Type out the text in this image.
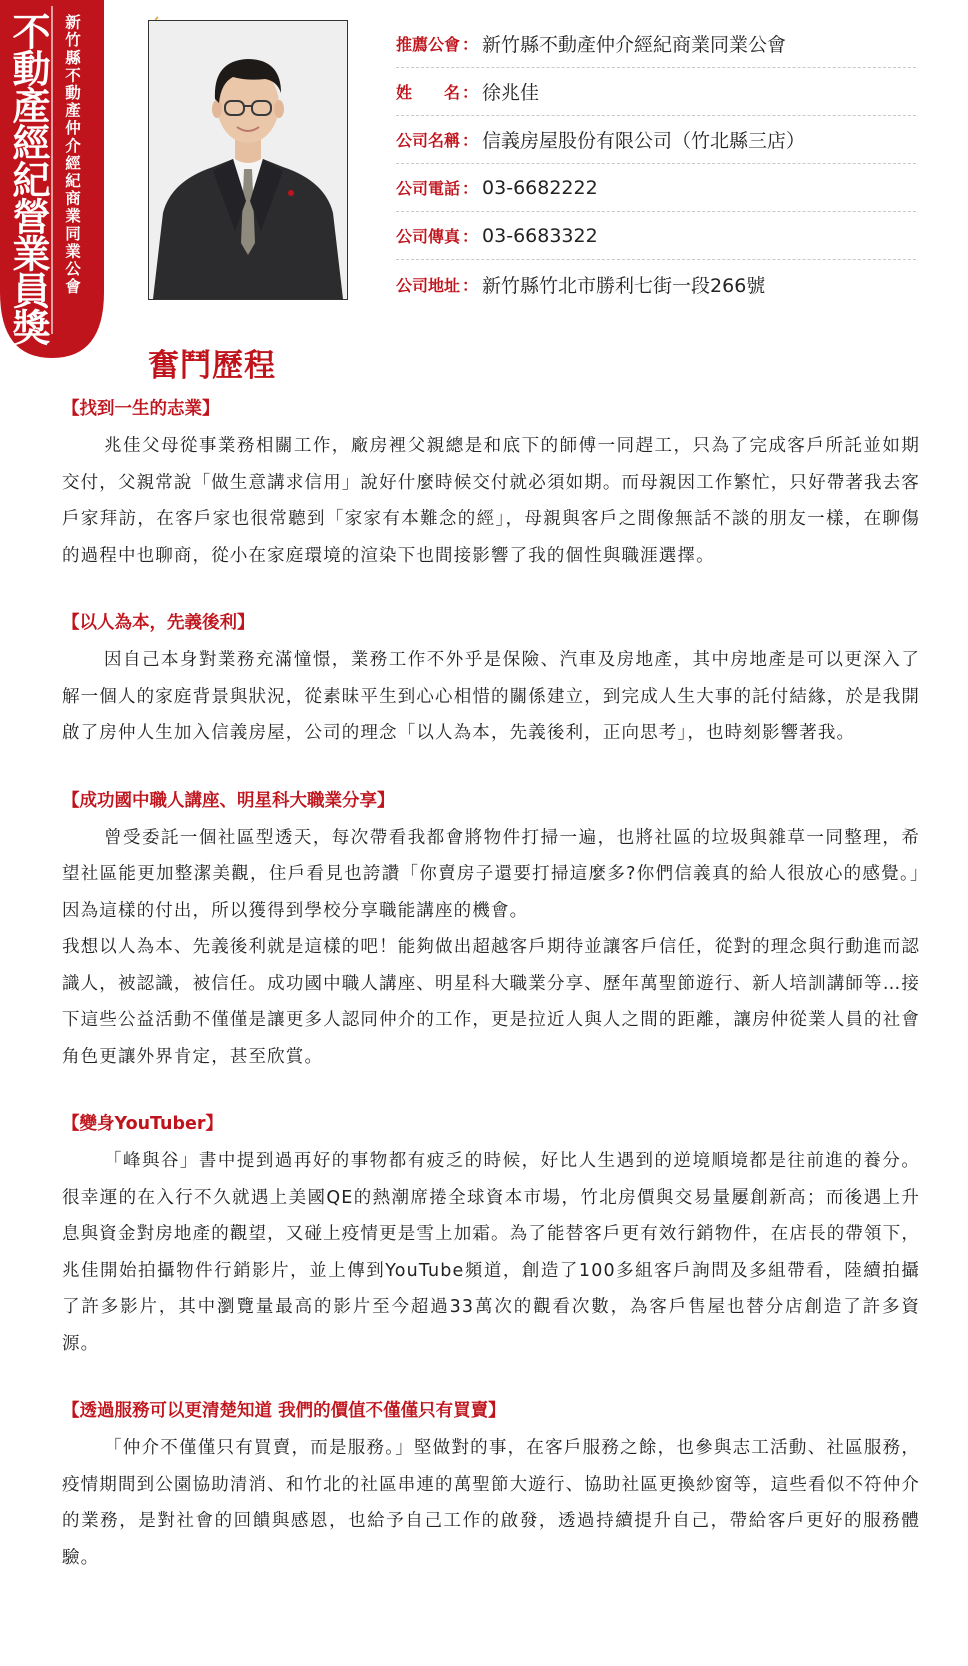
不動產經紀營業員獎 新竹縣不動產仲介經紀商業同業公會	推薦公會 ： 新竹縣不動產仲介經紀商業同業公會
姓　　名 ： 徐兆佳
公司名稱 ： 信義房屋股份有限公司（竹北縣三店）
公司電話 ： 03-6682222
公司傳真 ： 03-6683322
公司地址 ： 新竹縣竹北市勝利七街一段266號
奮鬥歷程
【找到一生的志業】

兆佳父母從事業務相關工作，廠房裡父親總是和底下的師傅一同趕工，只為了完成客戶所託並如期交付，父親常說「做生意講求信用」說好什麼時候交付就必須如期。而母親因工作繁忙，只好帶著我去客戶家拜訪，在客戶家也很常聽到「家家有本難念的經」，母親與客戶之間像無話不談的朋友一樣，在聊傷的過程中也聊商，從小在家庭環境的渲染下也間接影響了我的個性與職涯選擇。

【以人為本，先義後利】

因自己本身對業務充滿憧憬，業務工作不外乎是保險、汽車及房地產，其中房地產是可以更深入了解一個人的家庭背景與狀況，從素昧平生到心心相惜的關係建立，到完成人生大事的託付結緣，於是我開啟了房仲人生加入信義房屋，公司的理念「以人為本，先義後利，正向思考」，也時刻影響著我。

【成功國中職人講座、明星科大職業分享】

曾受委託一個社區型透天，每次帶看我都會將物件打掃一遍，也將社區的垃圾與雜草一同整理，希望社區能更加整潔美觀，住戶看見也誇讚「你賣房子還要打掃這麼多?你們信義真的給人很放心的感覺。」因為這樣的付出，所以獲得到學校分享職能講座的機會。

我想以人為本、先義後利就是這樣的吧！能夠做出超越客戶期待並讓客戶信任，從對的理念與行動進而認識人，被認識，被信任。成功國中職人講座、明星科大職業分享、歷年萬聖節遊行、新人培訓講師等…接下這些公益活動不僅僅是讓更多人認同仲介的工作，更是拉近人與人之間的距離，讓房仲從業人員的社會角色更讓外界肯定，甚至欣賞。

【變身YouTuber】

「峰與谷」書中提到過再好的事物都有疲乏的時候，好比人生遇到的逆境順境都是往前進的養分。很幸運的在入行不久就遇上美國QE的熱潮席捲全球資本市場，竹北房價與交易量屢創新高；而後遇上升息與資金對房地產的觀望，又碰上疫情更是雪上加霜。為了能替客戶更有效行銷物件，在店長的帶領下，兆佳開始拍攝物件行銷影片，並上傳到YouTube頻道，創造了100多組客戶詢問及多組帶看，陸續拍攝了許多影片，其中瀏覽量最高的影片至今超過33萬次的觀看次數，為客戶售屋也替分店創造了許多資源。

【透過服務可以更清楚知道 我們的價值不僅僅只有買賣】

「仲介不僅僅只有買賣，而是服務。」堅做對的事，在客戶服務之餘，也參與志工活動、社區服務，疫情期間到公園協助清消、和竹北的社區串連的萬聖節大遊行、協助社區更換紗窗等，這些看似不符仲介的業務，是對社會的回饋與感恩，也給予自己工作的啟發，透過持續提升自己，帶給客戶更好的服務體驗。
